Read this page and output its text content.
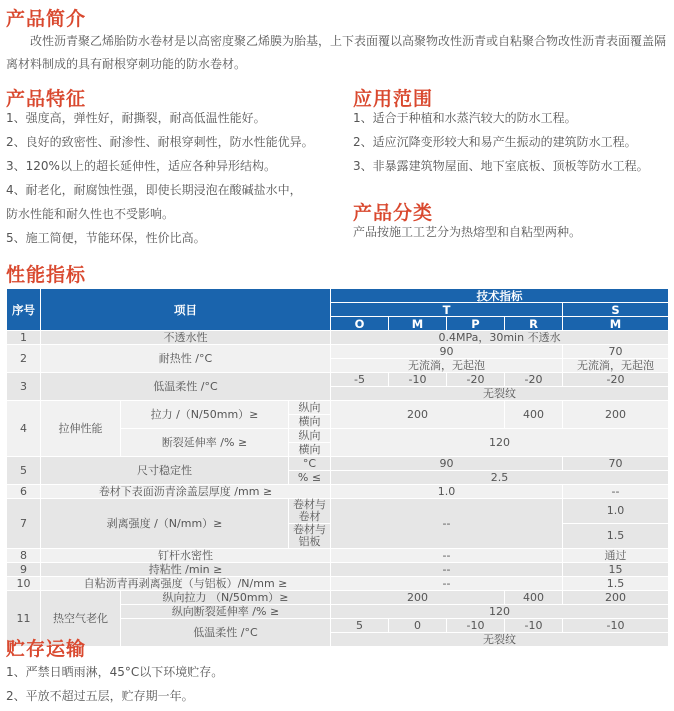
产品简介
改性沥青聚乙烯胎防水卷材是以高密度聚乙烯膜为胎基，上下表面覆以高聚物改性沥青或自粘聚合物改性沥青表面覆盖隔离材料制成的具有耐根穿刺功能的防水卷材。
产品特征
1、强度高，弹性好，耐撕裂，耐高低温性能好。
2、良好的致密性、耐渗性、耐根穿刺性，防水性能优异。
3、120%以上的超长延伸性，适应各种异形结构。
4、耐老化，耐腐蚀性强，即使长期浸泡在酸碱盐水中，
防水性能和耐久性也不受影响。
5、施工简便，节能环保，性价比高。
应用范围
1、适合于种植和水蒸汽较大的防水工程。
2、适应沉降变形较大和易产生振动的建筑防水工程。
3、非暴露建筑物屋面、地下室底板、顶板等防水工程。
产品分类
产品按施工工艺分为热熔型和自粘型两种。
性能指标
序号	项目			技术指标				
				T				S
				O	M	P	R	M
1	不透水性			0.4MPa，30min 不透水				
2	耐热性 /°C			90				70
				无流淌，无起泡				无流淌，无起泡
3	低温柔性 /°C			-5	-10	-20	-20	-20
				无裂纹				
4	拉伸性能	拉力 /（N/50mm）≥	纵向	200			400	200
			横向					
		断裂延伸率 /% ≥	纵向	120				
			横向					
5	尺寸稳定性		°C	90				70
			% ≤	2.5				
6	卷材下表面沥青涂盖层厚度 /mm ≥			1.0				--
7	剥离强度 /（N/mm）≥		卷材与卷材	--				1.0
			卷材与铝板					1.5
8	钉杆水密性			--				通过
9	持粘性 /min ≥			--				15
10	自粘沥青再剥离强度（与铝板）/N/mm ≥			--				1.5
11	热空气老化	纵向拉力 （N/50mm）≥		200			400	200
		纵向断裂延伸率 /% ≥		120				
		低温柔性 /°C		5	0	-10	-10	-10
				无裂纹				
贮存运输
1、严禁日晒雨淋，45°C以下环境贮存。
2、平放不超过五层，贮存期一年。
